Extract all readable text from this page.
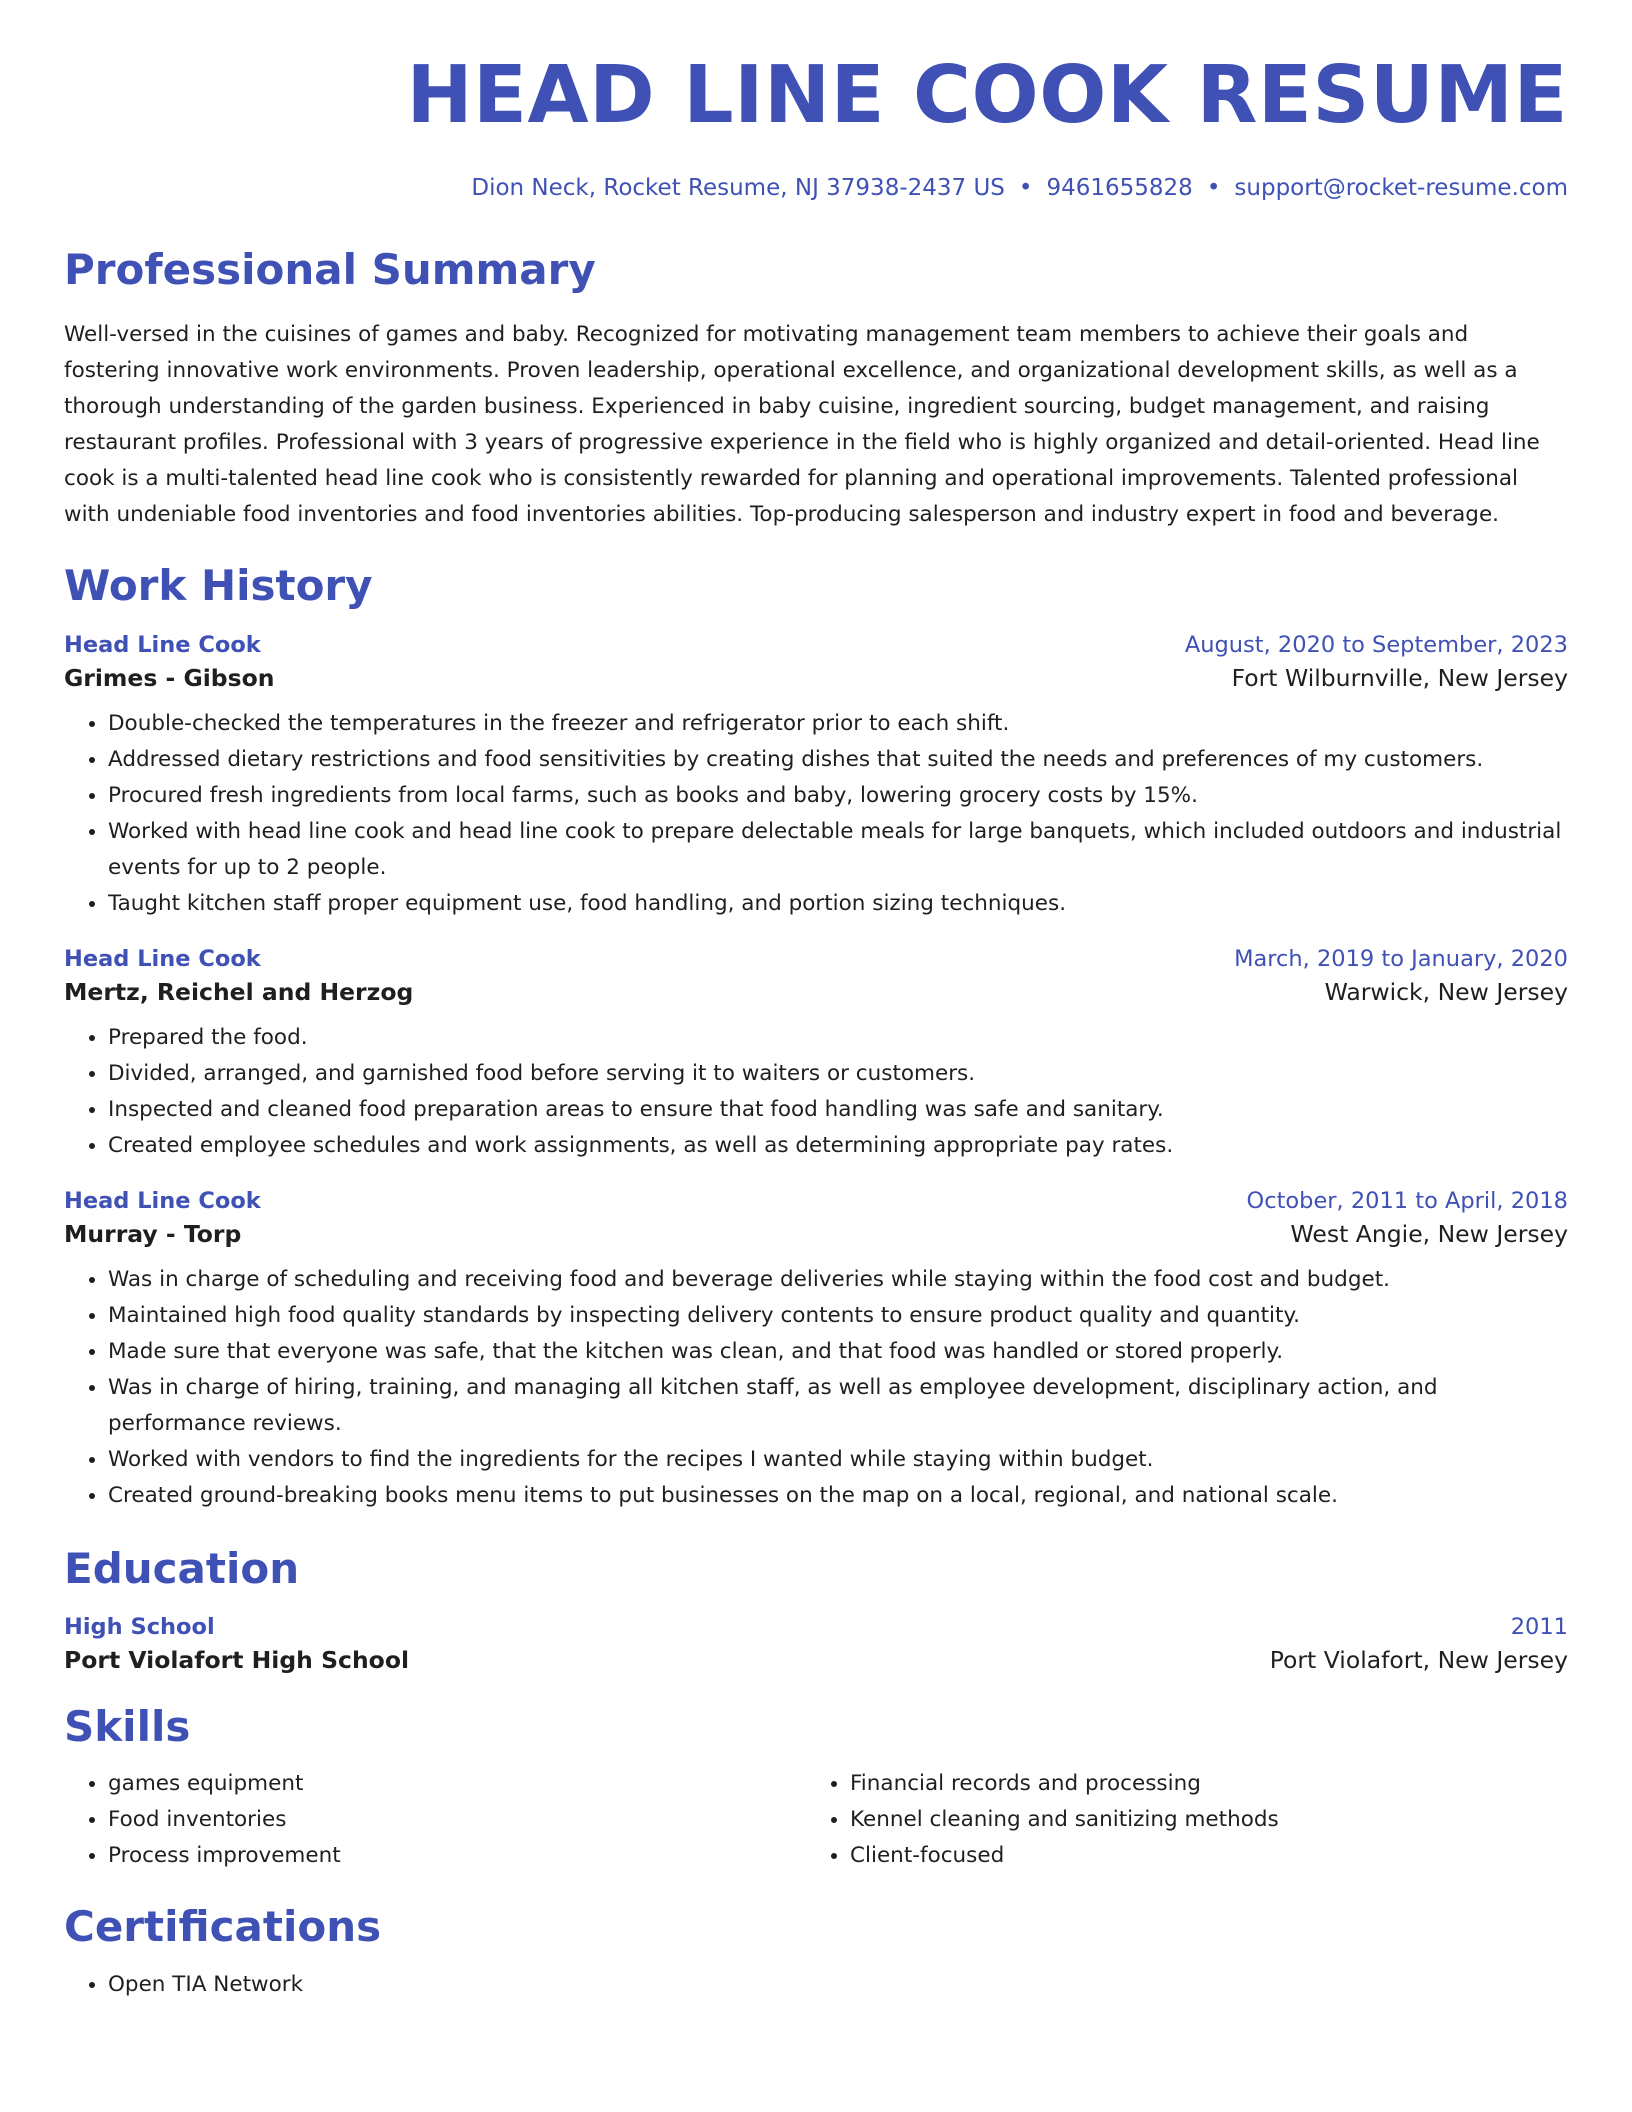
HEAD LINE COOK RESUME
Dion Neck, Rocket Resume, NJ 37938-2437 US • 9461655828 • support@rocket-resume.com
Professional Summary
Well-versed in the cuisines of games and baby. Recognized for motivating management team members to achieve their goals and fostering innovative work environments. Proven leadership, operational excellence, and organizational development skills, as well as a thorough understanding of the garden business. Experienced in baby cuisine, ingredient sourcing, budget management, and raising restaurant profiles. Professional with 3 years of progressive experience in the field who is highly organized and detail-oriented. Head line cook is a multi-talented head line cook who is consistently rewarded for planning and operational improvements. Talented professional with undeniable food inventories and food inventories abilities. Top-producing salesperson and industry expert in food and beverage.
Work History
Head Line Cook	August, 2020 to September, 2023
Grimes - Gibson	Fort Wilburnville, New Jersey
• Double-checked the temperatures in the freezer and refrigerator prior to each shift.
• Addressed dietary restrictions and food sensitivities by creating dishes that suited the needs and preferences of my customers.
• Procured fresh ingredients from local farms, such as books and baby, lowering grocery costs by 15%.
• Worked with head line cook and head line cook to prepare delectable meals for large banquets, which included outdoors and industrial events for up to 2 people.
• Taught kitchen staff proper equipment use, food handling, and portion sizing techniques.
Head Line Cook	March, 2019 to January, 2020
Mertz, Reichel and Herzog	Warwick, New Jersey
• Prepared the food.
• Divided, arranged, and garnished food before serving it to waiters or customers.
• Inspected and cleaned food preparation areas to ensure that food handling was safe and sanitary.
• Created employee schedules and work assignments, as well as determining appropriate pay rates.
Head Line Cook	October, 2011 to April, 2018
Murray - Torp	West Angie, New Jersey
• Was in charge of scheduling and receiving food and beverage deliveries while staying within the food cost and budget.
• Maintained high food quality standards by inspecting delivery contents to ensure product quality and quantity.
• Made sure that everyone was safe, that the kitchen was clean, and that food was handled or stored properly.
• Was in charge of hiring, training, and managing all kitchen staff, as well as employee development, disciplinary action, and performance reviews.
• Worked with vendors to find the ingredients for the recipes I wanted while staying within budget.
• Created ground-breaking books menu items to put businesses on the map on a local, regional, and national scale.
Education
High School	2011
Port Violafort High School	Port Violafort, New Jersey
Skills
• games equipment
• Food inventories
• Process improvement
• Financial records and processing
• Kennel cleaning and sanitizing methods
• Client-focused
Certifications
• Open TIA Network
